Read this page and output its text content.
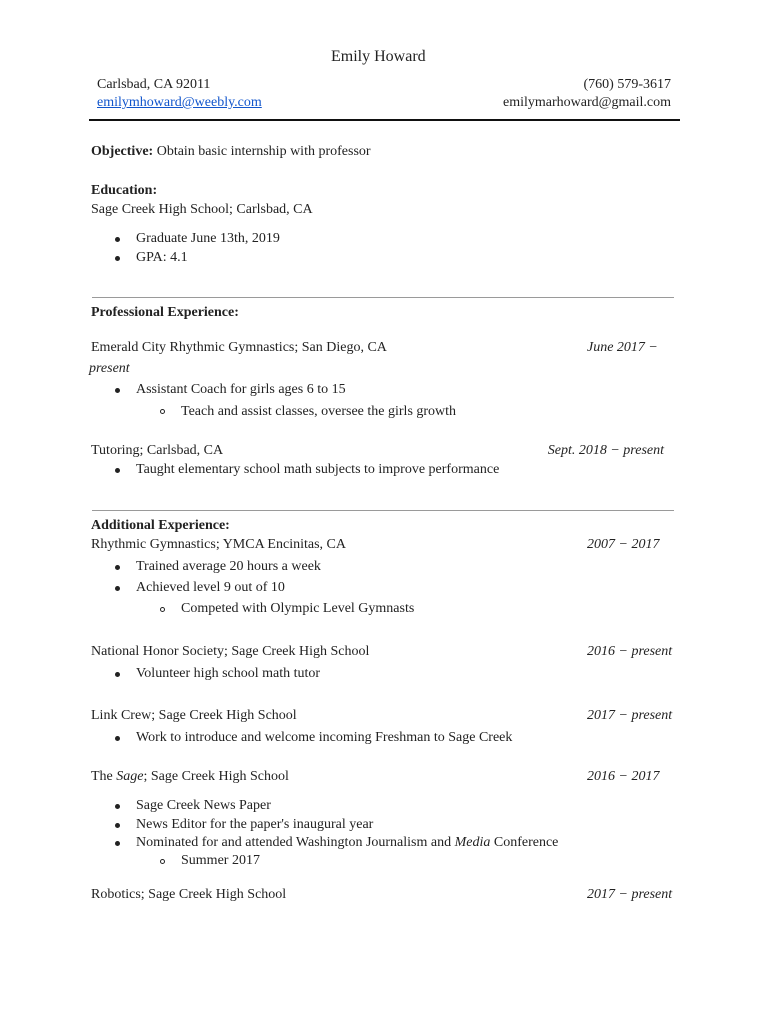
Emily Howard
Carlsbad, CA 92011	(760) 579-3617
emilymhoward@weebly.com	emilymarhoward@gmail.com
Objective: Obtain basic internship with professor
Education:
Sage Creek High School; Carlsbad, CA
Graduate June 13th, 2019
GPA: 4.1
Professional Experience:
Emerald City Rhythmic Gymnastics; San Diego, CA	June 2017 −
present
Assistant Coach for girls ages 6 to 15
Teach and assist classes, oversee the girls growth
Tutoring; Carlsbad, CA	Sept. 2018 − present
Taught elementary school math subjects to improve performance
Additional Experience:
Rhythmic Gymnastics; YMCA Encinitas, CA	2007 − 2017
Trained average 20 hours a week
Achieved level 9 out of 10
Competed with Olympic Level Gymnasts
National Honor Society; Sage Creek High School	2016 − present
Volunteer high school math tutor
Link Crew; Sage Creek High School	2017 − present
Work to introduce and welcome incoming Freshman to Sage Creek
The Sage; Sage Creek High School	2016 − 2017
Sage Creek News Paper
News Editor for the paper's inaugural year
Nominated for and attended Washington Journalism and Media Conference
Summer 2017
Robotics; Sage Creek High School	2017 − present
